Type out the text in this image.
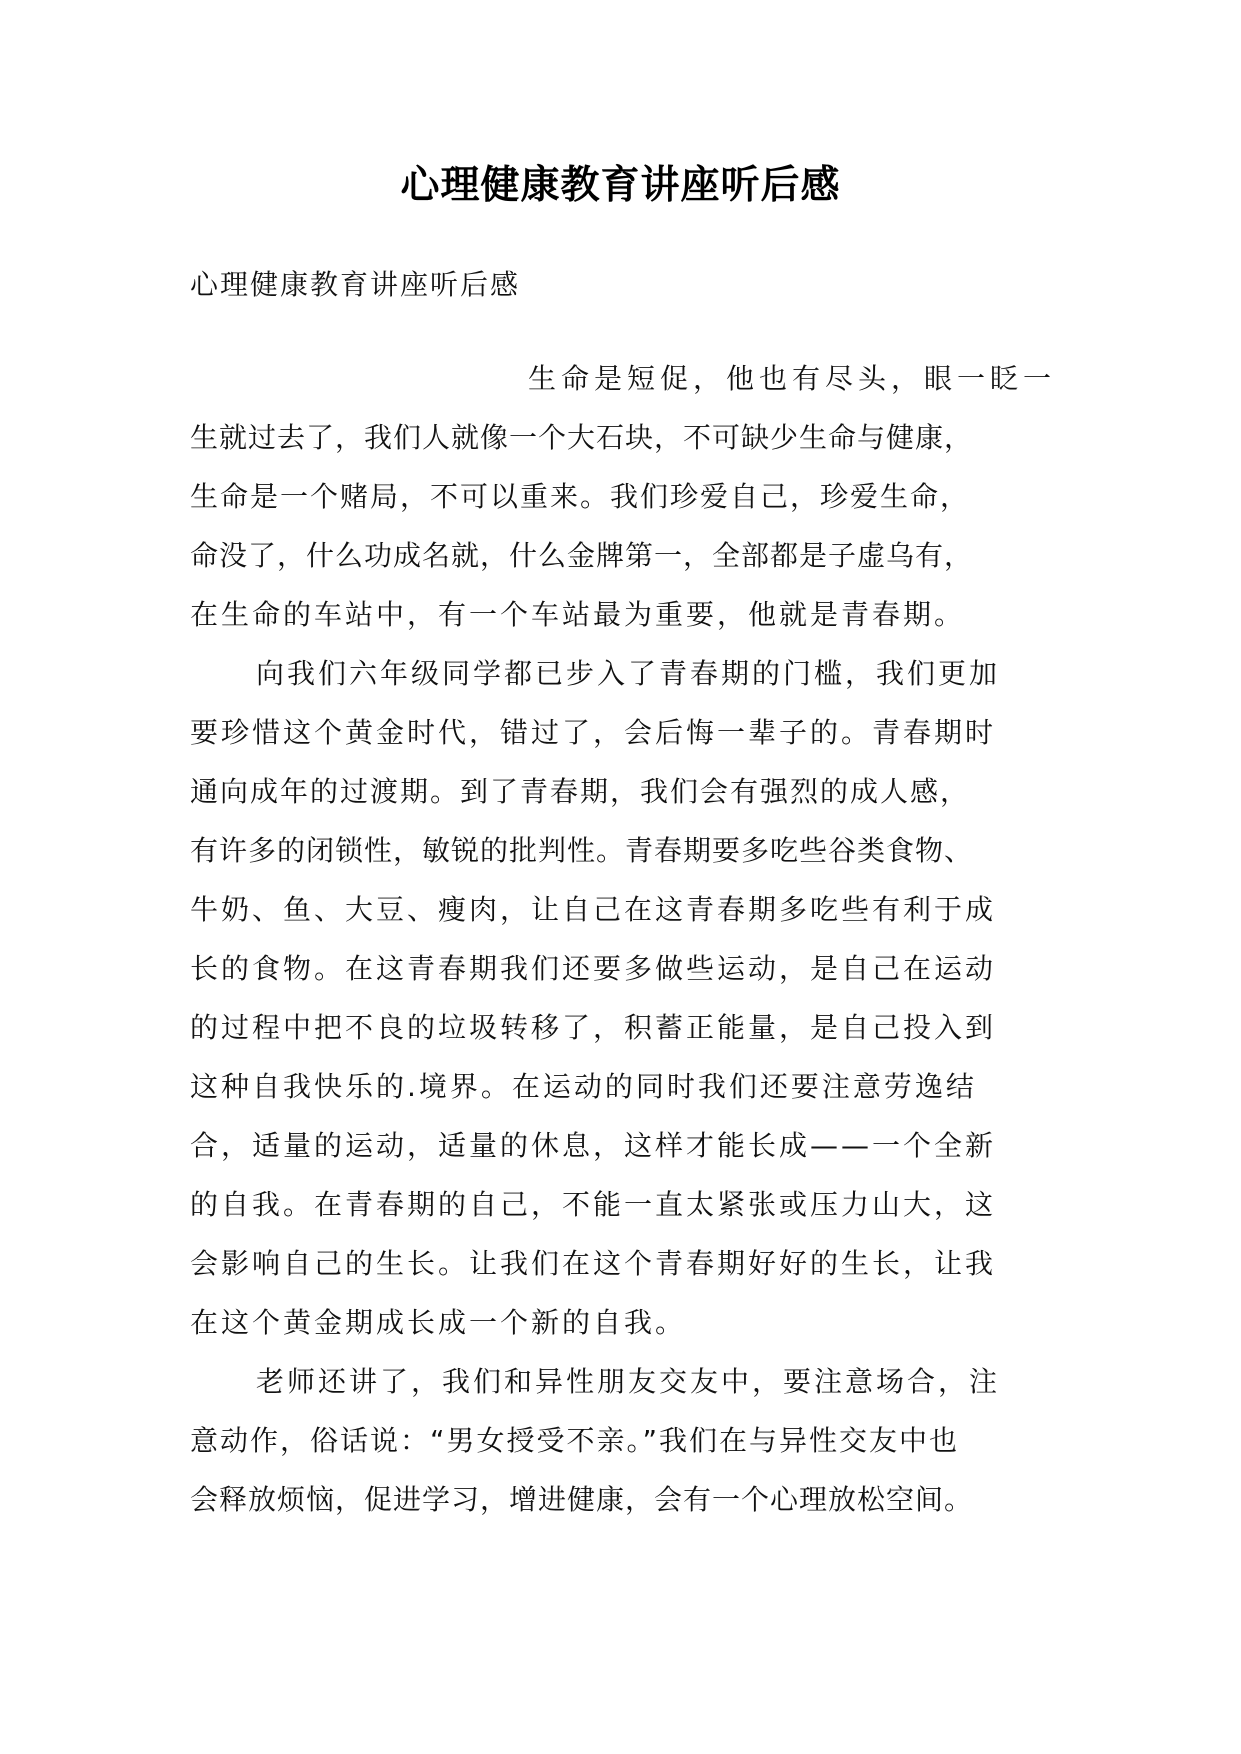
心理健康教育讲座听后感
心理健康教育讲座听后感
生命是短促，他也有尽头，眼一眨一
生就过去了，我们人就像一个大石块，不可缺少生命与健康，
生命是一个赌局，不可以重来。我们珍爱自己，珍爱生命，
命没了，什么功成名就，什么金牌第一，全部都是子虚乌有，
在生命的车站中，有一个车站最为重要，他就是青春期。
向我们六年级同学都已步入了青春期的门槛，我们更加
要珍惜这个黄金时代，错过了，会后悔一辈子的。青春期时
通向成年的过渡期。到了青春期，我们会有强烈的成人感，
有许多的闭锁性，敏锐的批判性。青春期要多吃些谷类食物、
牛奶、鱼、大豆、瘦肉，让自己在这青春期多吃些有利于成
长的食物。在这青春期我们还要多做些运动，是自己在运动
的过程中把不良的垃圾转移了，积蓄正能量，是自己投入到
这种自我快乐的.境界。在运动的同时我们还要注意劳逸结
合，适量的运动，适量的休息，这样才能长成——一个全新
的自我。在青春期的自己，不能一直太紧张或压力山大，这
会影响自己的生长。让我们在这个青春期好好的生长，让我
在这个黄金期成长成一个新的自我。
老师还讲了，我们和异性朋友交友中，要注意场合，注
意动作，俗话说：“男女授受不亲。”我们在与异性交友中也
会释放烦恼，促进学习，增进健康，会有一个心理放松空间。
